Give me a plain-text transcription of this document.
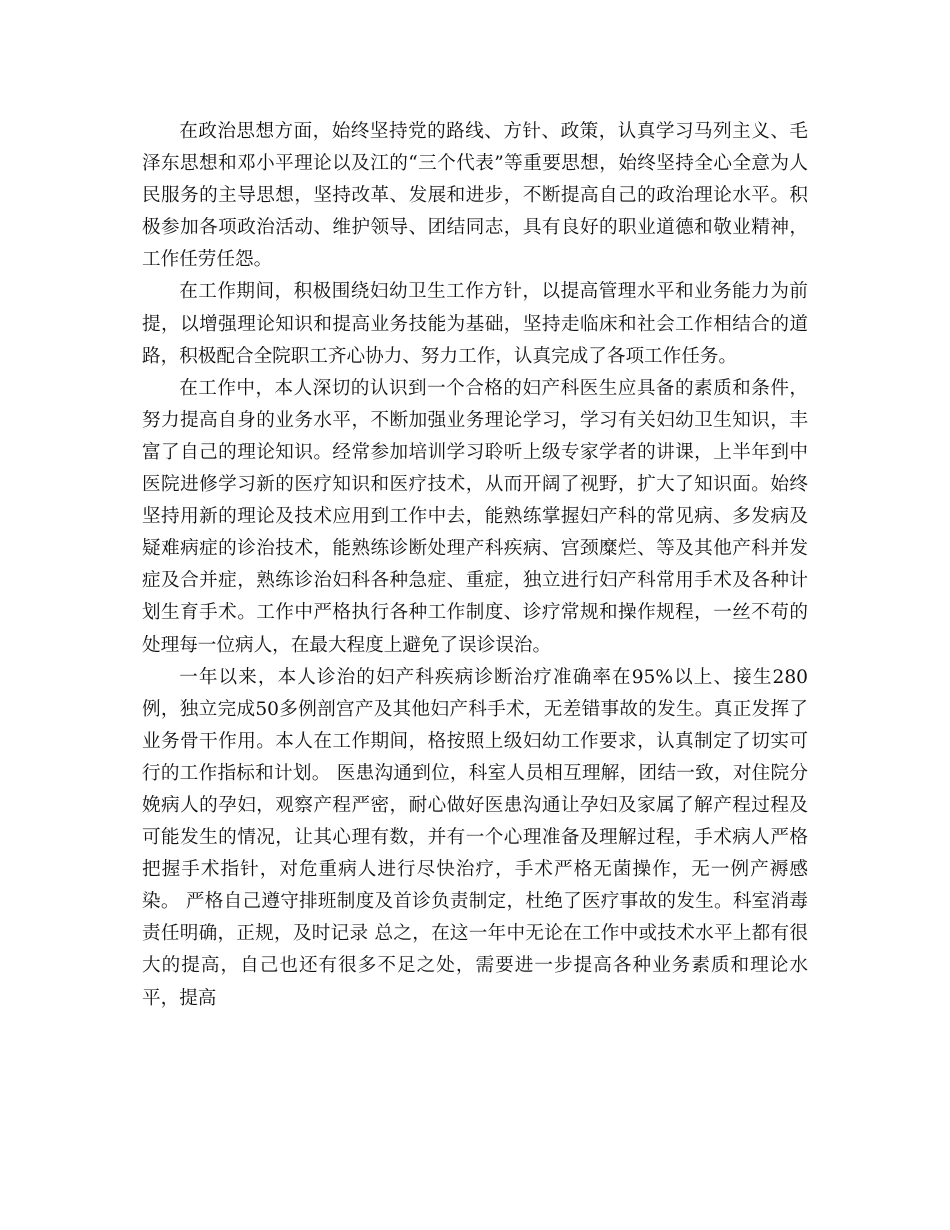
在政治思想方面，始终坚持党的路线、方针、政策，认真学习马列主义、毛泽东思想和邓小平理论以及江的“三个代表”等重要思想，始终坚持全心全意为人民服务的主导思想，坚持改革、发展和进步，不断提高自己的政治理论水平。积极参加各项政治活动、维护领导、团结同志，具有良好的职业道德和敬业精神，工作任劳任怨。

在工作期间，积极围绕妇幼卫生工作方针，以提高管理水平和业务能力为前提，以增强理论知识和提高业务技能为基础，坚持走临床和社会工作相结合的道路，积极配合全院职工齐心协力、努力工作，认真完成了各项工作任务。

在工作中，本人深切的认识到一个合格的妇产科医生应具备的素质和条件，努力提高自身的业务水平，不断加强业务理论学习，学习有关妇幼卫生知识，丰富了自己的理论知识。经常参加培训学习聆听上级专家学者的讲课，上半年到中医院进修学习新的医疗知识和医疗技术，从而开阔了视野，扩大了知识面。始终坚持用新的理论及技术应用到工作中去，能熟练掌握妇产科的常见病、多发病及疑难病症的诊治技术，能熟练诊断处理产科疾病、宫颈糜烂、等及其他产科并发症及合并症，熟练诊治妇科各种急症、重症，独立进行妇产科常用手术及各种计划生育手术。工作中严格执行各种工作制度、诊疗常规和操作规程，一丝不苟的处理每一位病人，在最大程度上避免了误诊误治。

一年以来，本人诊治的妇产科疾病诊断治疗准确率在95%以上、接生280例，独立完成50多例剖宫产及其他妇产科手术，无差错事故的发生。真正发挥了业务骨干作用。本人在工作期间，格按照上级妇幼工作要求，认真制定了切实可行的工作指标和计划。 医患沟通到位，科室人员相互理解，团结一致，对住院分娩病人的孕妇，观察产程严密，耐心做好医患沟通让孕妇及家属了解产程过程及可能发生的情况，让其心理有数，并有一个心理准备及理解过程，手术病人严格把握手术指针，对危重病人进行尽快治疗，手术严格无菌操作，无一例产褥感染。 严格自己遵守排班制度及首诊负责制定，杜绝了医疗事故的发生。科室消毒责任明确，正规，及时记录 总之，在这一年中无论在工作中或技术水平上都有很大的提高，自己也还有很多不足之处，需要进一步提高各种业务素质和理论水平，提高
